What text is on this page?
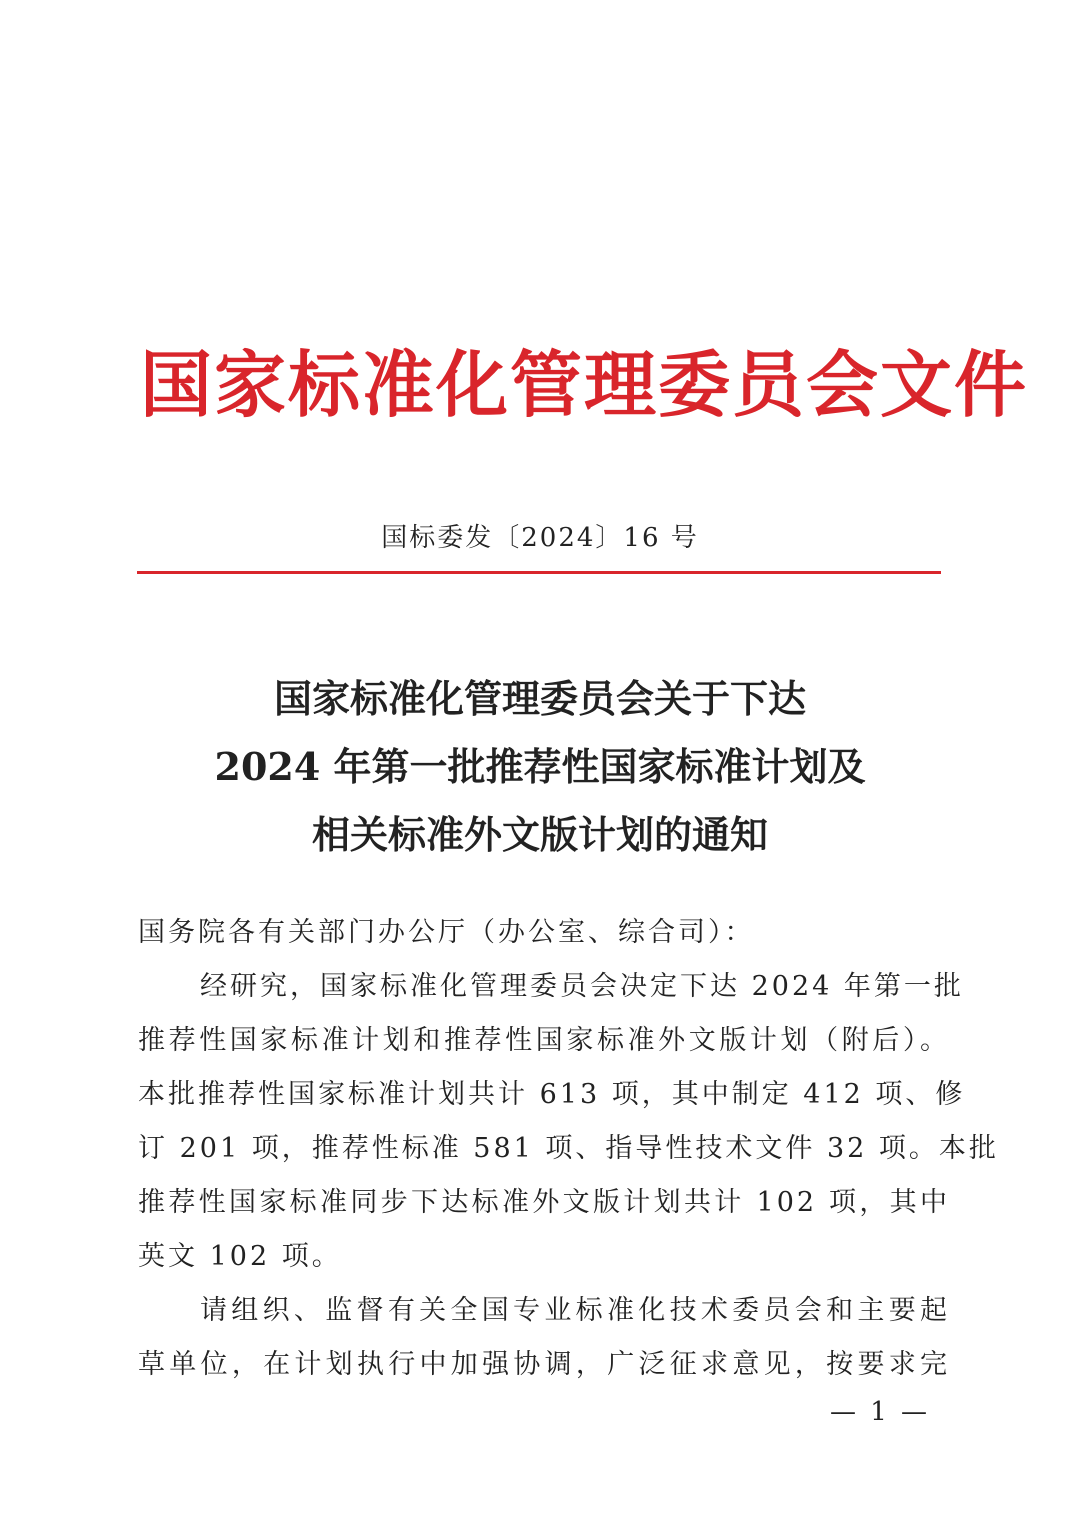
国家标准化管理委员会文件
国标委发〔2024〕16 号
国家标准化管理委员会关于下达
2024 年第一批推荐性国家标准计划及
相关标准外文版计划的通知
国务院各有关部门办公厅（办公室、综合司）：
经研究，国家标准化管理委员会决定下达 2024 年第一批
推荐性国家标准计划和推荐性国家标准外文版计划（附后）。
本批推荐性国家标准计划共计 613 项，其中制定 412 项、修
订 201 项，推荐性标准 581 项、指导性技术文件 32 项。本批
推荐性国家标准同步下达标准外文版计划共计 102 项，其中
英文 102 项。
请组织、监督有关全国专业标准化技术委员会和主要起
草单位，在计划执行中加强协调，广泛征求意见，按要求完
— 1 —
